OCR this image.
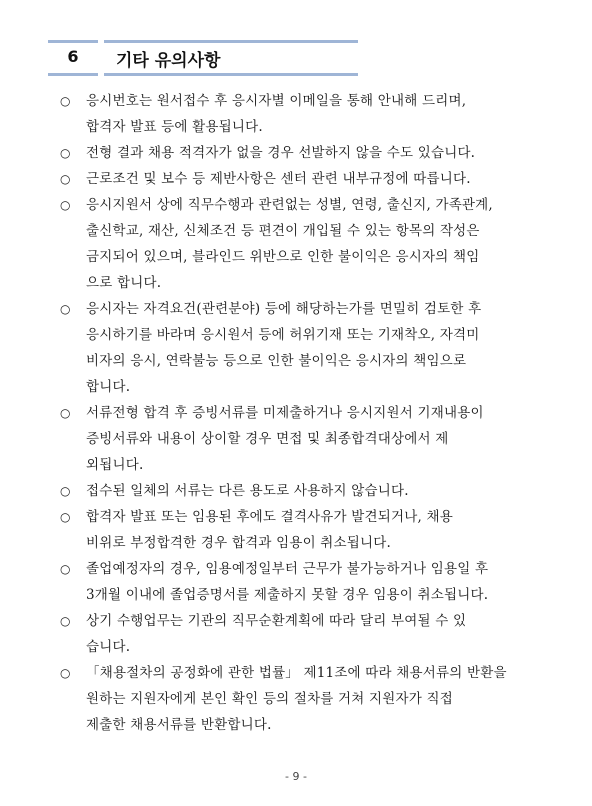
6	기타 유의사항
○ 응시번호는 원서접수 후 응시자별 이메일을 통해 안내해 드리며,
합격자 발표 등에 활용됩니다.
○ 전형 결과 채용 적격자가 없을 경우 선발하지 않을 수도 있습니다.
○ 근로조건 및 보수 등 제반사항은 센터 관련 내부규정에 따릅니다.
○ 응시지원서 상에 직무수행과 관련없는 성별, 연령, 출신지, 가족관계,
출신학교, 재산, 신체조건 등 편견이 개입될 수 있는 항목의 작성은
금지되어 있으며, 블라인드 위반으로 인한 불이익은 응시자의 책임
으로 합니다.
○ 응시자는 자격요건(관련분야) 등에 해당하는가를 면밀히 검토한 후
응시하기를 바라며 응시원서 등에 허위기재 또는 기재착오, 자격미
비자의 응시, 연락불능 등으로 인한 불이익은 응시자의 책임으로
합니다.
○ 서류전형 합격 후 증빙서류를 미제출하거나 응시지원서 기재내용이
증빙서류와 내용이 상이할 경우 면접 및 최종합격대상에서 제
외됩니다.
○ 접수된 일체의 서류는 다른 용도로 사용하지 않습니다.
○ 합격자 발표 또는 임용된 후에도 결격사유가 발견되거나, 채용
비위로 부정합격한 경우 합격과 임용이 취소됩니다.
○ 졸업예정자의 경우, 임용예정일부터 근무가 불가능하거나 임용일 후
3개월 이내에 졸업증명서를 제출하지 못할 경우 임용이 취소됩니다.
○ 상기 수행업무는 기관의 직무순환계획에 따라 달리 부여될 수 있
습니다.
○ 「채용절차의 공정화에 관한 법률」 제11조에 따라 채용서류의 반환을
원하는 지원자에게 본인 확인 등의 절차를 거쳐 지원자가 직접
제출한 채용서류를 반환합니다.
- 9 -
